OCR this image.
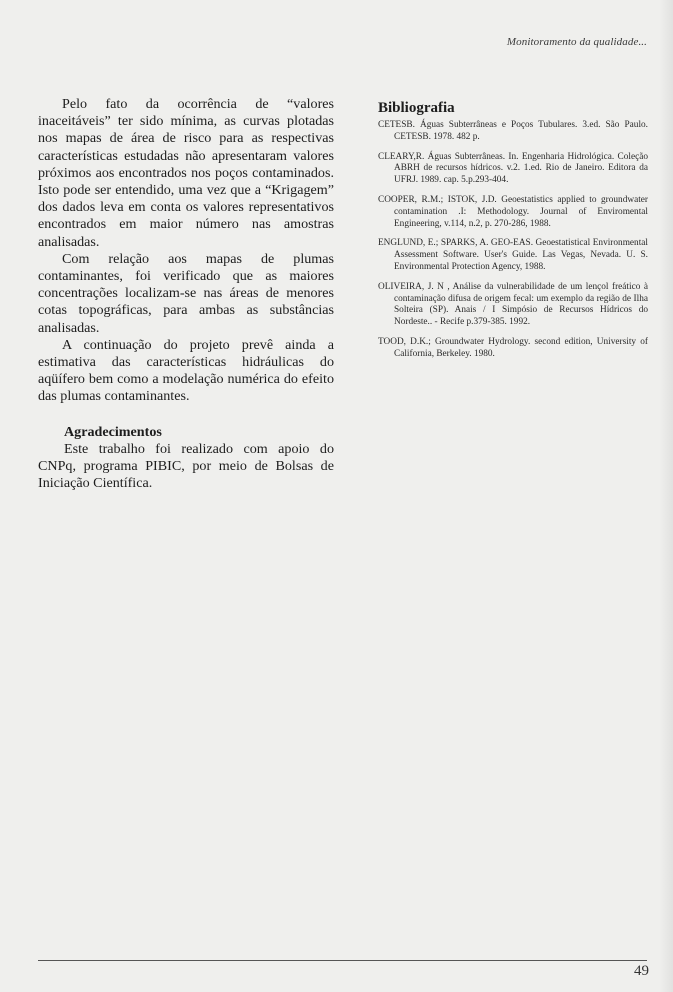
Monitoramento da qualidade...

Pelo fato da ocorrência de “valores inaceitáveis” ter sido mínima, as curvas plotadas nos mapas de área de risco para as respectivas características estudadas não apresentaram valores próximos aos encontrados nos poços contaminados. Isto pode ser entendido, uma vez que a “Krigagem” dos dados leva em conta os valores representativos encontrados em maior número nas amostras analisadas.

Com relação aos mapas de plumas contaminantes, foi verificado que as maiores concentrações localizam-se nas áreas de menores cotas topográficas, para ambas as substâncias analisadas.

A continuação do projeto prevê ainda a estimativa das características hidráulicas do aqüífero bem como a modelação numérica do efeito das plumas contaminantes.

Agradecimentos

Este trabalho foi realizado com apoio do CNPq, programa PIBIC, por meio de Bolsas de Iniciação Científica.

Bibliografia

CETESB. Águas Subterrâneas e Poços Tubulares. 3.ed. São Paulo. CETESB. 1978. 482 p.

CLEARY,R. Águas Subterrâneas. In. Engenharia Hidrológica. Coleção ABRH de recursos hídricos. v.2. 1.ed. Rio de Janeiro. Editora da UFRJ. 1989. cap. 5.p.293-404.

COOPER, R.M.; ISTOK, J.D. Geoestatistics applied to groundwater contamination .I: Methodology. Journal of Enviromental Engineering, v.114, n.2, p. 270-286, 1988.

ENGLUND, E.; SPARKS, A. GEO-EAS. Geoestatistical Environmental Assessment Software. User's Guide. Las Vegas, Nevada. U. S. Environmental Protection Agency, 1988.

OLIVEIRA, J. N , Análise da vulnerabilidade de um lençol freático à contaminação difusa de origem fecal: um exemplo da região de Ilha Solteira (SP). Anais / I Simpósio de Recursos Hídricos do Nordeste.. - Recife p.379-385. 1992.

TOOD, D.K.; Groundwater Hydrology. second edition, University of California, Berkeley. 1980.

49
